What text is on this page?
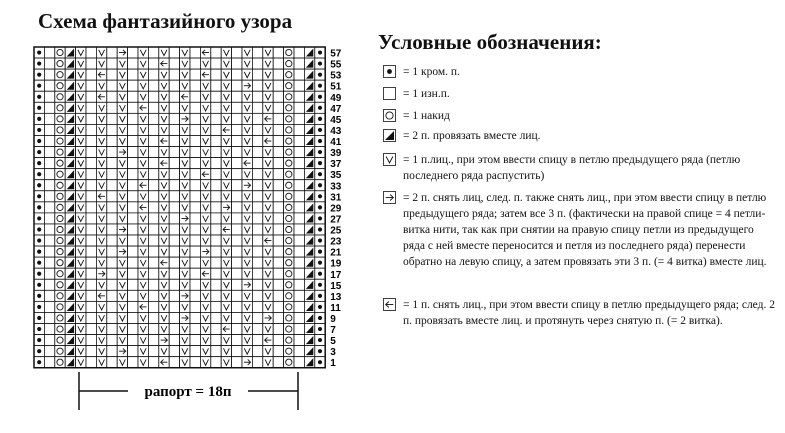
Схема фантазийного узора
57
55
53
51
49
47
45
43
41
39
37
35
33
31
29
27
25
23
21
19
17
15
13
11
9
7
5
3
1
рапорт = 18п
Условные обозначения:
= 1 кром. п.
= 1 изн.п.
= 1 накид
= 2 п. провязать вместе лиц.
= 1 п.лиц., при этом ввести спицу в петлю предыдущего ряда (петлю последнего ряда распустить)
= 2 п. снять лиц, след. п. также снять лиц., при этом ввести спицу в петлю предыдущего ряда; затем все 3 п. (фактически на правой спице = 4 петли-витка нити, так как при снятии на правую спицу петли из предыдущего ряда с ней вместе переносится и петля из последнего ряда) перенести обратно на левую спицу, а затем провязать эти 3 п. (= 4 витка) вместе лиц.
= 1 п. снять лиц., при этом ввести спицу в петлю предыдущего ряда; след. 2 п. провязать вместе лиц. и протянуть через снятую п. (= 2 витка).
